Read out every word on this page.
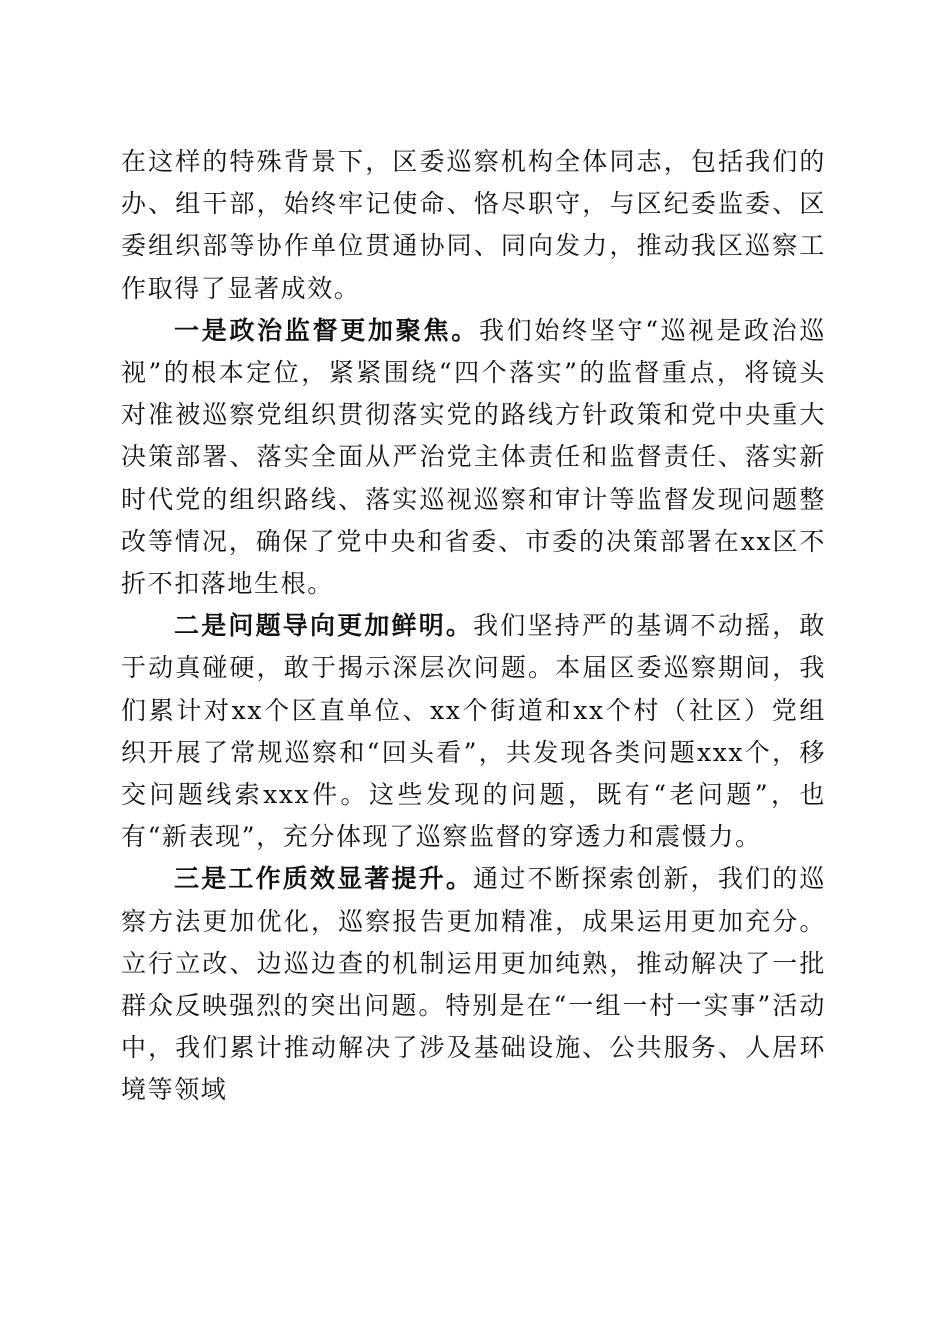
在这样的特殊背景下，区委巡察机构全体同志，包括我们的办、组干部，始终牢记使命、恪尽职守，与区纪委监委、区委组织部等协作单位贯通协同、同向发力，推动我区巡察工作取得了显著成效。

一是政治监督更加聚焦。我们始终坚守“巡视是政治巡视”的根本定位，紧紧围绕“四个落实”的监督重点，将镜头对准被巡察党组织贯彻落实党的路线方针政策和党中央重大决策部署、落实全面从严治党主体责任和监督责任、落实新时代党的组织路线、落实巡视巡察和审计等监督发现问题整改等情况，确保了党中央和省委、市委的决策部署在xx区不折不扣落地生根。

二是问题导向更加鲜明。我们坚持严的基调不动摇，敢于动真碰硬，敢于揭示深层次问题。本届区委巡察期间，我们累计对xx个区直单位、xx个街道和xx个村（社区）党组织开展了常规巡察和“回头看”，共发现各类问题xxx个，移交问题线索xxx件。这些发现的问题，既有“老问题”，也有“新表现”，充分体现了巡察监督的穿透力和震慑力。

三是工作质效显著提升。通过不断探索创新，我们的巡察方法更加优化，巡察报告更加精准，成果运用更加充分。立行立改、边巡边查的机制运用更加纯熟，推动解决了一批群众反映强烈的突出问题。特别是在“一组一村一实事”活动中，我们累计推动解决了涉及基础设施、公共服务、人居环境等领域
